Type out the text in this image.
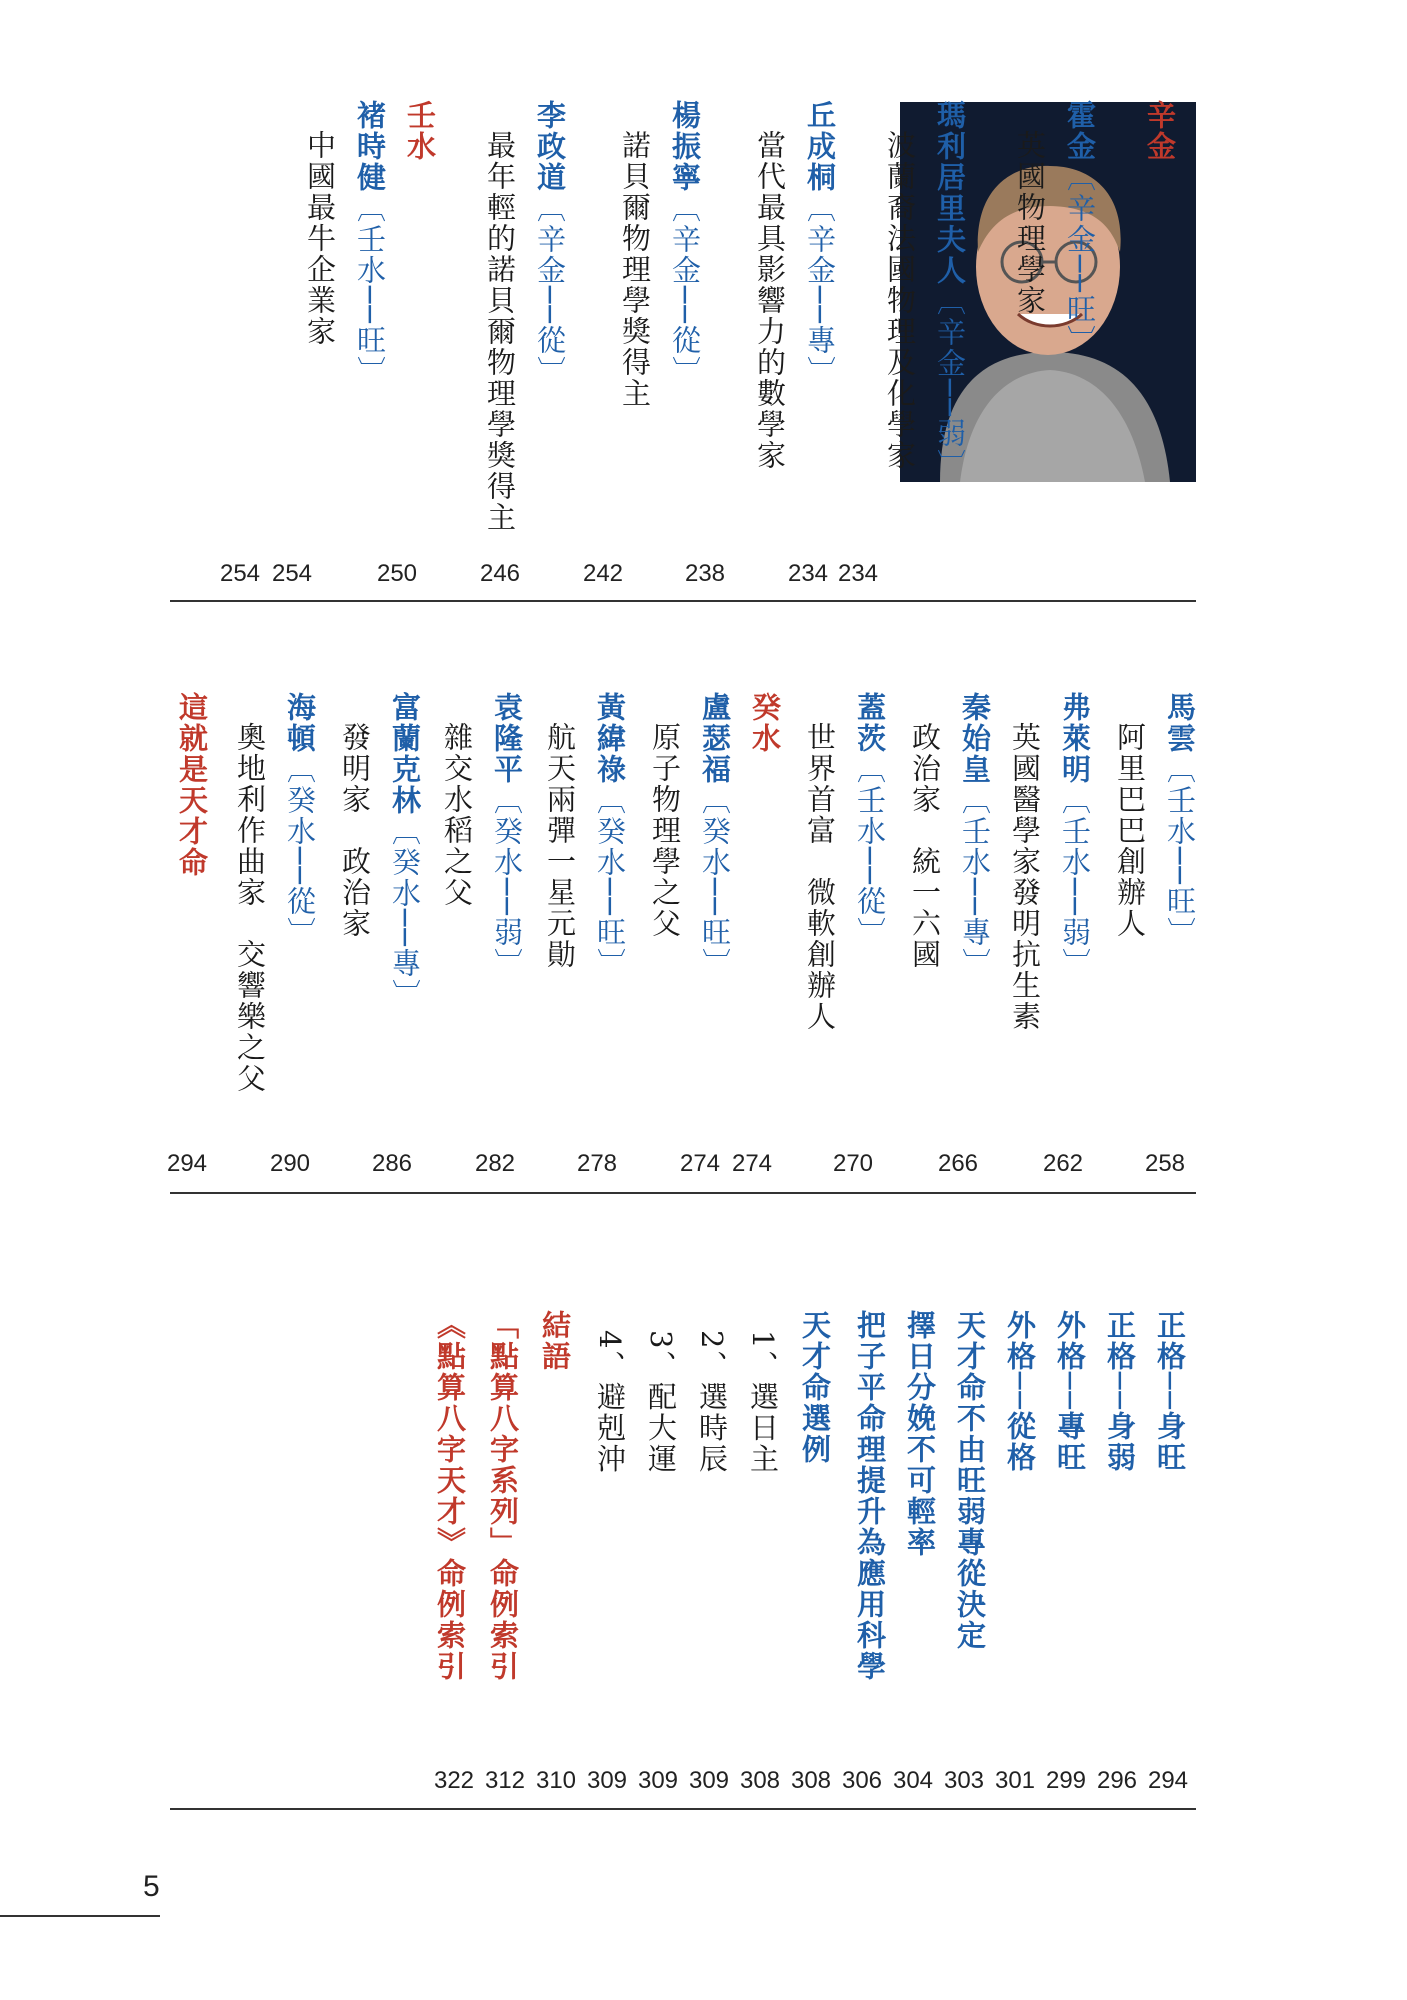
辛金
霍金︹辛金──旺︺
英國物理學家
瑪利居里夫人︹辛金──弱︺
波蘭裔法國物理及化學家
丘成桐︹辛金──專︺
當代最具影響力的數學家
楊振寧︹辛金──從︺
諾貝爾物理學獎得主
李政道︹辛金──從︺
最年輕的諾貝爾物理學獎得主
壬水
褚時健︹壬水──旺︺
中國最牛企業家
234
234
238
242
246
250
254
254
馬雲︹壬水──旺︺
阿里巴巴創辦人
弗萊明︹壬水──弱︺
英國醫學家發明抗生素
秦始皇︹壬水──專︺
政治家　統一六國
蓋茨︹壬水──從︺
世界首富　微軟創辦人
癸水
盧瑟福︹癸水──旺︺
原子物理學之父
黃緯祿︹癸水──旺︺
航天兩彈一星元勛
袁隆平︹癸水──弱︺
雜交水稻之父
富蘭克林︹癸水──專︺
發明家　政治家
海頓︹癸水──從︺
奧地利作曲家　交響樂之父
這就是天才命
258
262
266
270
274
274
278
282
286
290
294
正格──身旺
正格──身弱
外格──專旺
外格──從格
天才命不由旺弱專從決定
擇日分娩不可輕率
把子平命理提升為應用科學
天才命選例
1、選日主
2、選時辰
3、配大運
4、避剋沖
結語
「點算八字系列」命例索引
《點算八字天才》命例索引
294
296
299
301
303
304
306
308
308
309
309
309
310
312
322
5
